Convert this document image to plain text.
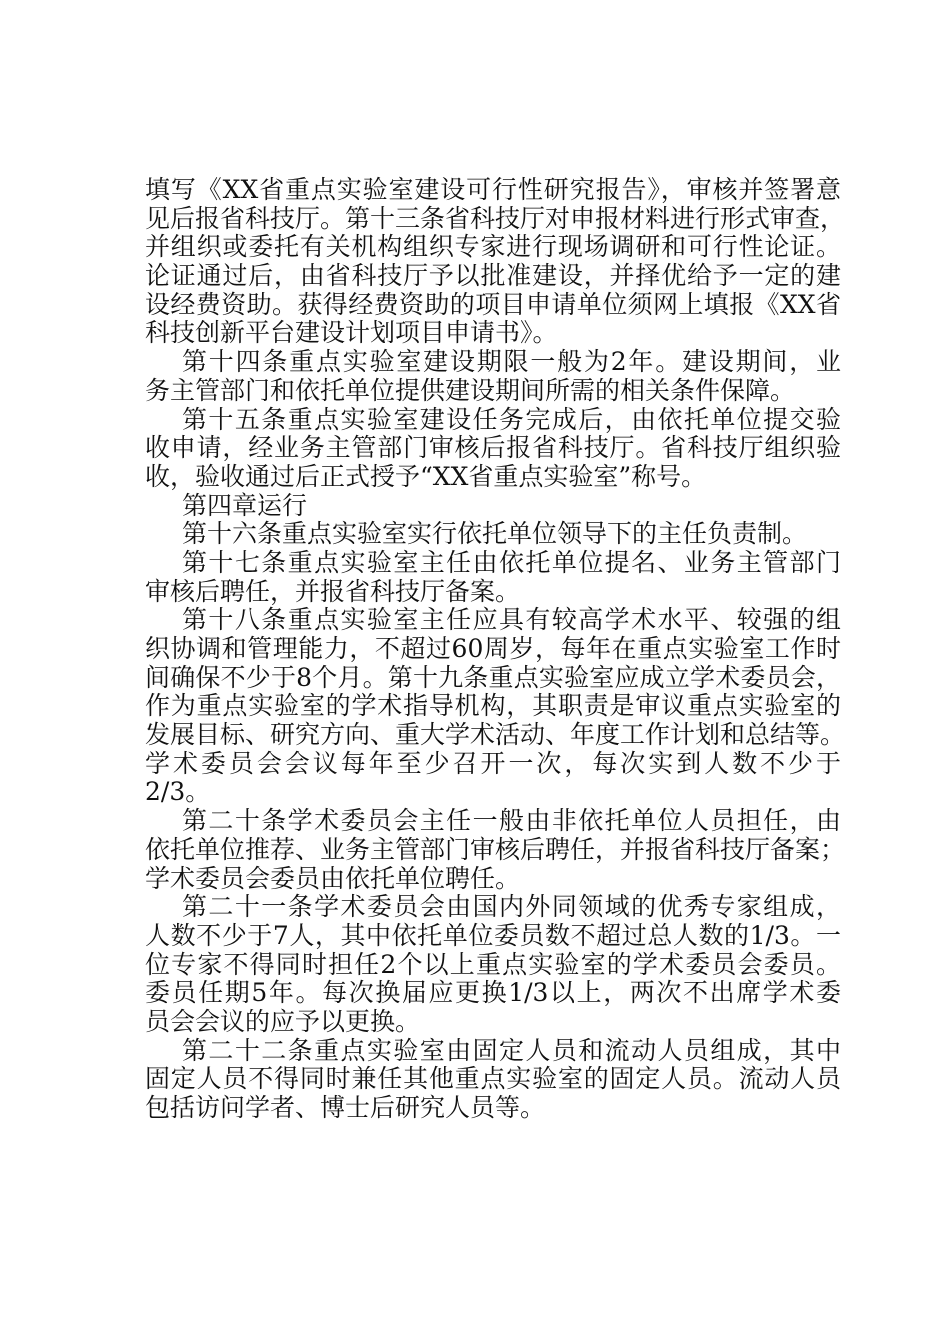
填写《XX省重点实验室建设可行性研究报告》，审核并签署意
见后报省科技厅。第十三条省科技厅对申报材料进行形式审查，
并组织或委托有关机构组织专家进行现场调研和可行性论证。
论证通过后，由省科技厅予以批准建设，并择优给予一定的建
设经费资助。获得经费资助的项目申请单位须网上填报《XX省
科技创新平台建设计划项目申请书》。
第十四条重点实验室建设期限一般为2年。建设期间，业
务主管部门和依托单位提供建设期间所需的相关条件保障。
第十五条重点实验室建设任务完成后，由依托单位提交验
收申请，经业务主管部门审核后报省科技厅。省科技厅组织验
收，验收通过后正式授予“XX省重点实验室”称号。
第四章运行
第十六条重点实验室实行依托单位领导下的主任负责制。
第十七条重点实验室主任由依托单位提名、业务主管部门
审核后聘任，并报省科技厅备案。
第十八条重点实验室主任应具有较高学术水平、较强的组
织协调和管理能力，不超过60周岁，每年在重点实验室工作时
间确保不少于8个月。第十九条重点实验室应成立学术委员会，
作为重点实验室的学术指导机构，其职责是审议重点实验室的
发展目标、研究方向、重大学术活动、年度工作计划和总结等。
学术委员会会议每年至少召开一次，每次实到人数不少于
2/3。
第二十条学术委员会主任一般由非依托单位人员担任，由
依托单位推荐、业务主管部门审核后聘任，并报省科技厅备案；
学术委员会委员由依托单位聘任。
第二十一条学术委员会由国内外同领域的优秀专家组成，
人数不少于7人，其中依托单位委员数不超过总人数的1/3。一
位专家不得同时担任2个以上重点实验室的学术委员会委员。
委员任期5年。每次换届应更换1/3以上，两次不出席学术委
员会会议的应予以更换。
第二十二条重点实验室由固定人员和流动人员组成，其中
固定人员不得同时兼任其他重点实验室的固定人员。流动人员
包括访问学者、博士后研究人员等。
